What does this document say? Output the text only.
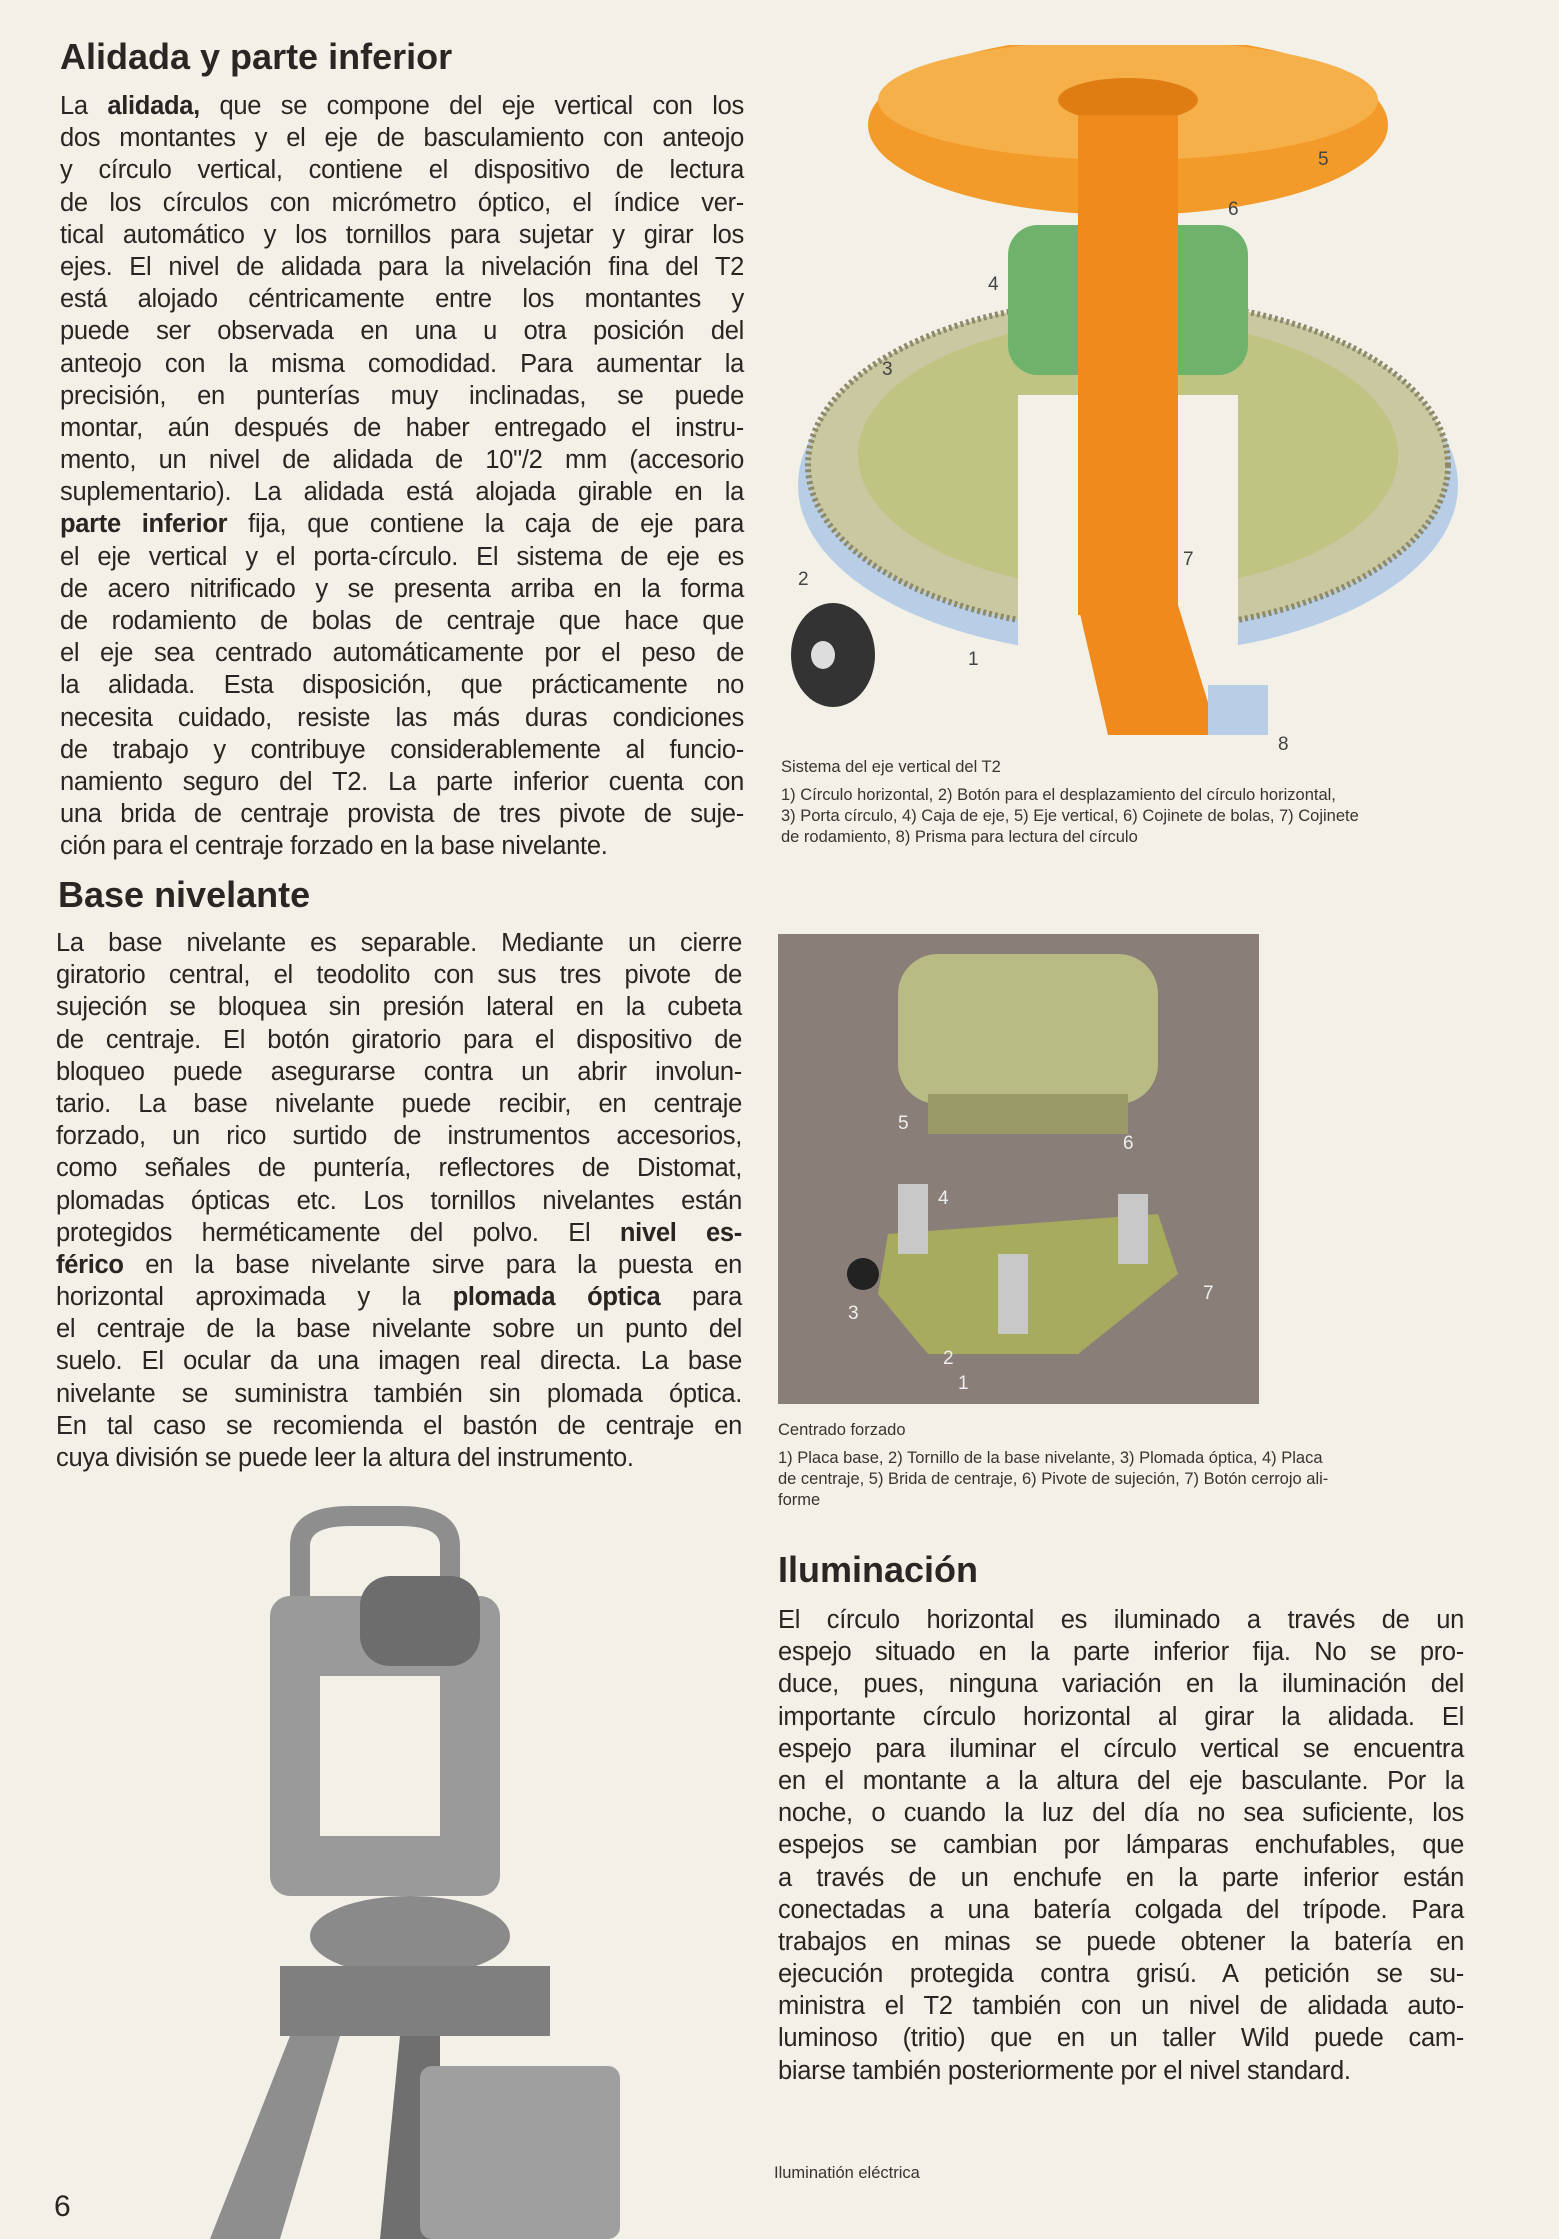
Alidada y parte inferior
La alidada, que se compone del eje vertical con los
dos montantes y el eje de basculamiento con anteojo
y círculo vertical, contiene el dispositivo de lectura
de los círculos con micrómetro óptico, el índice ver-
tical automático y los tornillos para sujetar y girar los
ejes. El nivel de alidada para la nivelación fina del T2
está alojado céntricamente entre los montantes y
puede ser observada en una u otra posición del
anteojo con la misma comodidad. Para aumentar la
precisión, en punterías muy inclinadas, se puede
montar, aún después de haber entregado el instru-
mento, un nivel de alidada de 10"/2 mm (accesorio
suplementario). La alidada está alojada girable en la
parte inferior fija, que contiene la caja de eje para
el eje vertical y el porta-círculo. El sistema de eje es
de acero nitrificado y se presenta arriba en la forma
de rodamiento de bolas de centraje que hace que
el eje sea centrado automáticamente por el peso de
la alidada. Esta disposición, que prácticamente no
necesita cuidado, resiste las más duras condiciones
de trabajo y contribuye considerablemente al funcio-
namiento seguro del T2. La parte inferior cuenta con
una brida de centraje provista de tres pivote de suje-
ción para el centraje forzado en la base nivelante.
Base nivelante
La base nivelante es separable. Mediante un cierre
giratorio central, el teodolito con sus tres pivote de
sujeción se bloquea sin presión lateral en la cubeta
de centraje. El botón giratorio para el dispositivo de
bloqueo puede asegurarse contra un abrir involun-
tario. La base nivelante puede recibir, en centraje
forzado, un rico surtido de instrumentos accesorios,
como señales de puntería, reflectores de Distomat,
plomadas ópticas etc. Los tornillos nivelantes están
protegidos herméticamente del polvo. El nivel es-
férico en la base nivelante sirve para la puesta en
horizontal aproximada y la plomada óptica para
el centraje de la base nivelante sobre un punto del
suelo. El ocular da una imagen real directa. La base
nivelante se suministra también sin plomada óptica.
En tal caso se recomienda el bastón de centraje en
cuya división se puede leer la altura del instrumento.
Iluminación
El círculo horizontal es iluminado a través de un
espejo situado en la parte inferior fija. No se pro-
duce, pues, ninguna variación en la iluminación del
importante círculo horizontal al girar la alidada. El
espejo para iluminar el círculo vertical se encuentra
en el montante a la altura del eje basculante. Por la
noche, o cuando la luz del día no sea suficiente, los
espejos se cambian por lámparas enchufables, que
a través de un enchufe en la parte inferior están
conectadas a una batería colgada del trípode. Para
trabajos en minas se puede obtener la batería en
ejecución protegida contra grisú. A petición se su-
ministra el T2 también con un nivel de alidada auto-
luminoso (tritio) que en un taller Wild puede cam-
biarse también posteriormente por el nivel standard.
1
2
3
4
5
6
7
8
Sistema del eje vertical del T2
1) Círculo horizontal, 2) Botón para el desplazamiento del círculo horizontal,
3) Porta círculo, 4) Caja de eje, 5) Eje vertical, 6) Cojinete de bolas, 7) Cojinete
de rodamiento, 8) Prisma para lectura del círculo
1
2
3
4
5
6
7
Centrado forzado
1) Placa base, 2) Tornillo de la base nivelante, 3) Plomada óptica, 4) Placa
de centraje, 5) Brida de centraje, 6) Pivote de sujeción, 7) Botón cerrojo ali-
forme
Iluminatión eléctrica
6
